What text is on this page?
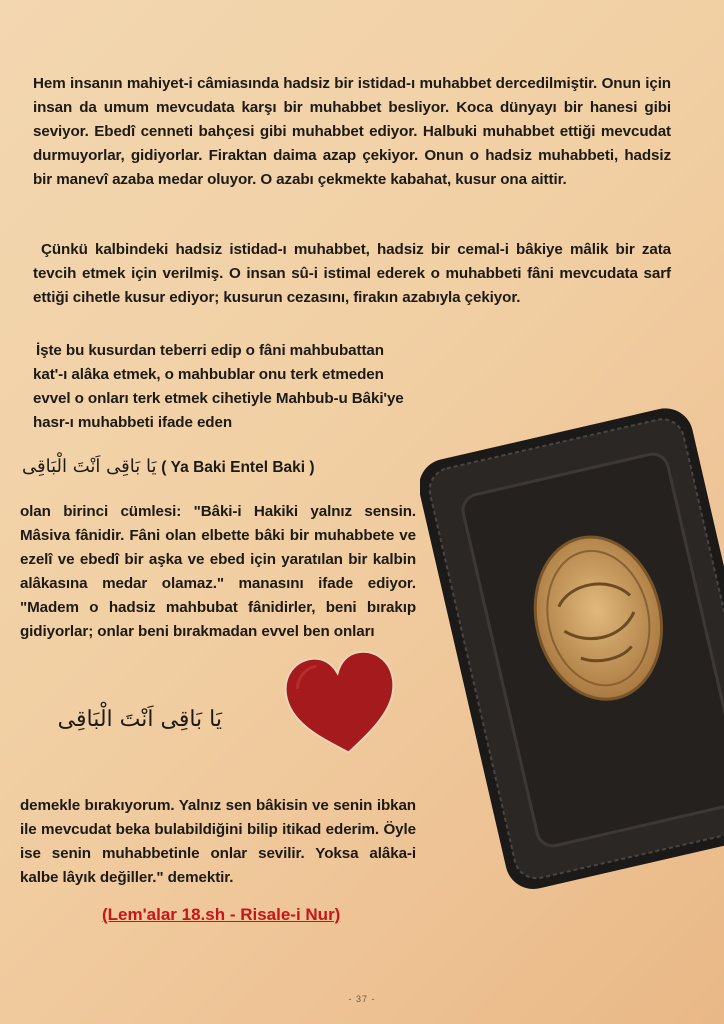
Hem insanın mahiyet-i câmiasında hadsiz bir istidad-ı muhabbet dercedilmiştir. Onun için insan da umum mevcudata karşı bir muhabbet besliyor. Koca dünyayı bir hanesi gibi seviyor. Ebedî cenneti bahçesi gibi muhabbet ediyor. Halbuki muhabbet ettiği mevcudat durmuyorlar, gidiyorlar. Firaktan daima azap çekiyor. Onun o hadsiz muhabbeti, hadsiz bir manevî azaba medar oluyor. O azabı çekmekte kabahat, kusur ona aittir.

Çünkü kalbindeki hadsiz istidad-ı muhabbet, hadsiz bir cemal-i bâkiye mâlik bir zata tevcih etmek için verilmiş. O insan sû-i istimal ederek o muhabbeti fâni mevcudata sarf ettiği cihetle kusur ediyor; kusurun cezasını, firakın azabıyla çekiyor.

İşte bu kusurdan teberri edip o fâni mahbubattan kat'-ı alâka etmek, o mahbublar onu terk etmeden evvel o onları terk etmek cihetiyle Mahbub-u Bâki'ye hasr-ı muhabbeti ifade eden

يَا بَاقِى اَنْتَ الْبَاقِى ( Ya Baki Entel Baki )

olan birinci cümlesi: "Bâki-i Hakiki yalnız sensin. Mâsiva fânidir. Fâni olan elbette bâki bir muhabbete ve ezelî ve ebedî bir aşka ve ebed için yaratılan bir kalbin alâkasına medar olamaz." manasını ifade ediyor. "Madem o hadsiz mahbubat fânidirler, beni bırakıp gidiyorlar; onlar beni bırakmadan evvel ben onları

يَا بَاقِى اَنْتَ الْبَاقِى

demekle bırakıyorum. Yalnız sen bâkisin ve senin ibkan ile mevcudat beka bulabildiğini bilip itikad ederim. Öyle ise senin muhabbetinle onlar sevilir. Yoksa alâka-i kalbe lâyık değiller." demektir.

(Lem'alar 18.sh - Risale-i Nur)
- 37 -
